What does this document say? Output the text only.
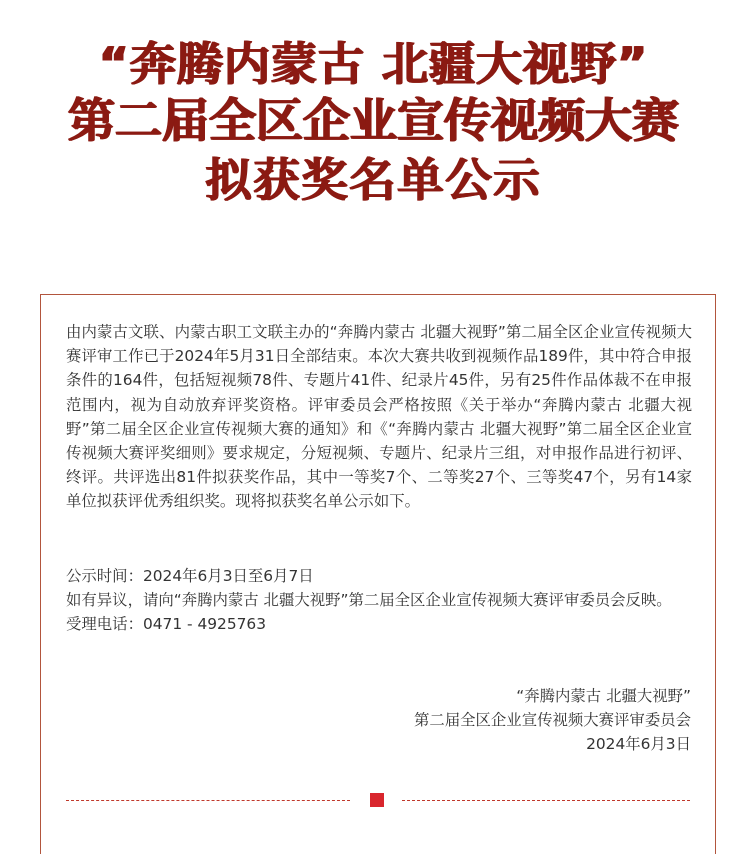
“奔腾内蒙古 北疆大视野”
第二届全区企业宣传视频大赛
拟获奖名单公示

由内蒙古文联、内蒙古职工文联主办的“奔腾内蒙古 北疆大视野”第二届全区企业宣传视频大赛评审工作已于2024年5月31日全部结束。本次大赛共收到视频作品189件，其中符合申报条件的164件，包括短视频78件、专题片41件、纪录片45件，另有25件作品体裁不在申报范围内，视为自动放弃评奖资格。评审委员会严格按照《关于举办“奔腾内蒙古 北疆大视野”第二届全区企业宣传视频大赛的通知》和《“奔腾内蒙古 北疆大视野”第二届全区企业宣传视频大赛评奖细则》要求规定，分短视频、专题片、纪录片三组，对申报作品进行初评、终评。共评选出81件拟获奖作品，其中一等奖7个、二等奖27个、三等奖47个，另有14家单位拟获评优秀组织奖。现将拟获奖名单公示如下。

公示时间：2024年6月3日至6月7日

如有异议，请向“奔腾内蒙古 北疆大视野”第二届全区企业宣传视频大赛评审委员会反映。

受理电话：0471 - 4925763

“奔腾内蒙古 北疆大视野”

第二届全区企业宣传视频大赛评审委员会

2024年6月3日
